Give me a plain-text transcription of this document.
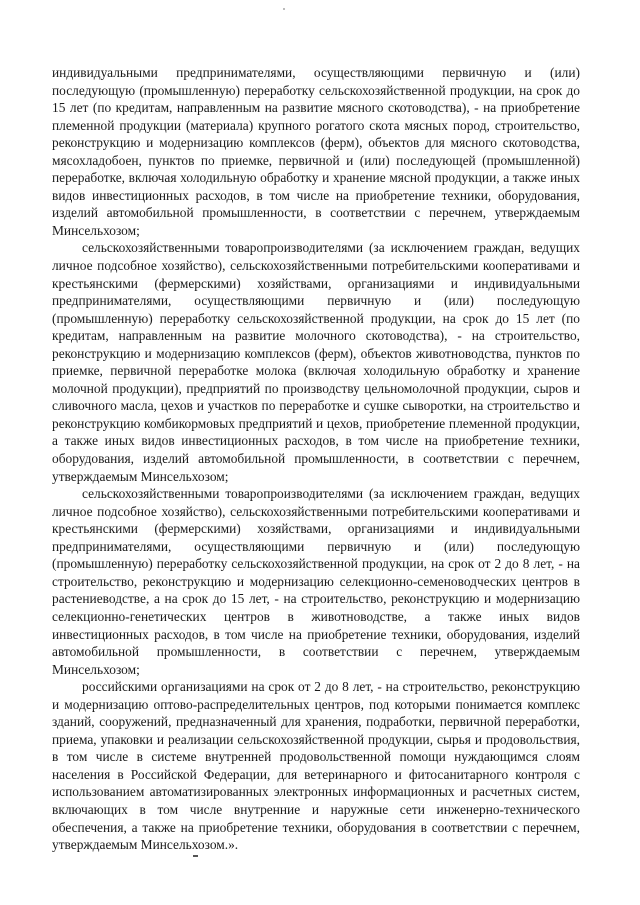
индивидуальными предпринимателями, осуществляющими первичную и (или) последующую (промышленную) переработку сельскохозяйственной продукции, на срок до 15 лет (по кредитам, направленным на развитие мясного скотоводства), - на приобретение племенной продукции (материала) крупного рогатого скота мясных пород, строительство, реконструкцию и модернизацию комплексов (ферм), объектов для мясного скотоводства, мясохладобоен, пунктов по приемке, первичной и (или) последующей (промышленной) переработке, включая холодильную обработку и хранение мясной продукции, а также иных видов инвестиционных расходов, в том числе на приобретение техники, оборудования, изделий автомобильной промышленности, в соответствии с перечнем, утверждаемым Минсельхозом;

сельскохозяйственными товаропроизводителями (за исключением граждан, ведущих личное подсобное хозяйство), сельскохозяйственными потребительскими кооперативами и крестьянскими (фермерскими) хозяйствами, организациями и индивидуальными предпринимателями, осуществляющими первичную и (или) последующую (промышленную) переработку сельскохозяйственной продукции, на срок до 15 лет (по кредитам, направленным на развитие молочного скотоводства), - на строительство, реконструкцию и модернизацию комплексов (ферм), объектов животноводства, пунктов по приемке, первичной переработке молока (включая холодильную обработку и хранение молочной продукции), предприятий по производству цельномолочной продукции, сыров и сливочного масла, цехов и участков по переработке и сушке сыворотки, на строительство и реконструкцию комбикормовых предприятий и цехов, приобретение племенной продукции, а также иных видов инвестиционных расходов, в том числе на приобретение техники, оборудования, изделий автомобильной промышленности, в соответствии с перечнем, утверждаемым Минсельхозом;

сельскохозяйственными товаропроизводителями (за исключением граждан, ведущих личное подсобное хозяйство), сельскохозяйственными потребительскими кооперативами и крестьянскими (фермерскими) хозяйствами, организациями и индивидуальными предпринимателями, осуществляющими первичную и (или) последующую (промышленную) переработку сельскохозяйственной продукции, на срок от 2 до 8 лет, - на строительство, реконструкцию и модернизацию селекционно-семеноводческих центров в растениеводстве, а на срок до 15 лет, - на строительство, реконструкцию и модернизацию селекционно-генетических центров в животноводстве, а также иных видов инвестиционных расходов, в том числе на приобретение техники, оборудования, изделий автомобильной промышленности, в соответствии с перечнем, утверждаемым Минсельхозом;

российскими организациями на срок от 2 до 8 лет, - на строительство, реконструкцию и модернизацию оптово-распределительных центров, под которыми понимается комплекс зданий, сооружений, предназначенный для хранения, подработки, первичной переработки, приема, упаковки и реализации сельскохозяйственной продукции, сырья и продовольствия, в том числе в системе внутренней продовольственной помощи нуждающимся слоям населения в Российской Федерации, для ветеринарного и фитосанитарного контроля с использованием автоматизированных электронных информационных и расчетных систем, включающих в том числе внутренние и наружные сети инженерно-технического обеспечения, а также на приобретение техники, оборудования в соответствии с перечнем, утверждаемым Минсельхозом.».
